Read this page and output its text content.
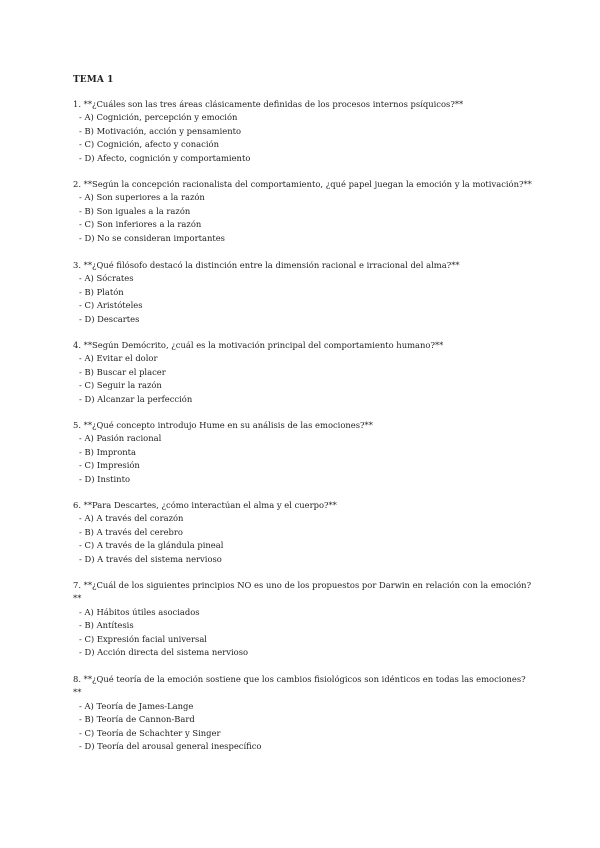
TEMA 1
1. **¿Cuáles son las tres áreas clásicamente definidas de los procesos internos psíquicos?**
- A) Cognición, percepción y emoción
- B) Motivación, acción y pensamiento
- C) Cognición, afecto y conación
- D) Afecto, cognición y comportamiento
2. **Según la concepción racionalista del comportamiento, ¿qué papel juegan la emoción y la motivación?**
- A) Son superiores a la razón
- B) Son iguales a la razón
- C) Son inferiores a la razón
- D) No se consideran importantes
3. **¿Qué filósofo destacó la distinción entre la dimensión racional e irracional del alma?**
- A) Sócrates
- B) Platón
- C) Aristóteles
- D) Descartes
4. **Según Demócrito, ¿cuál es la motivación principal del comportamiento humano?**
- A) Evitar el dolor
- B) Buscar el placer
- C) Seguir la razón
- D) Alcanzar la perfección
5. **¿Qué concepto introdujo Hume en su análisis de las emociones?**
- A) Pasión racional
- B) Impronta
- C) Impresión
- D) Instinto
6. **Para Descartes, ¿cómo interactúan el alma y el cuerpo?**
- A) A través del corazón
- B) A través del cerebro
- C) A través de la glándula pineal
- D) A través del sistema nervioso
7. **¿Cuál de los siguientes principios NO es uno de los propuestos por Darwin en relación con la emoción?**
- A) Hábitos útiles asociados
- B) Antítesis
- C) Expresión facial universal
- D) Acción directa del sistema nervioso
8. **¿Qué teoría de la emoción sostiene que los cambios fisiológicos son idénticos en todas las emociones?**
- A) Teoría de James-Lange
- B) Teoría de Cannon-Bard
- C) Teoría de Schachter y Singer
- D) Teoría del arousal general inespecífico
